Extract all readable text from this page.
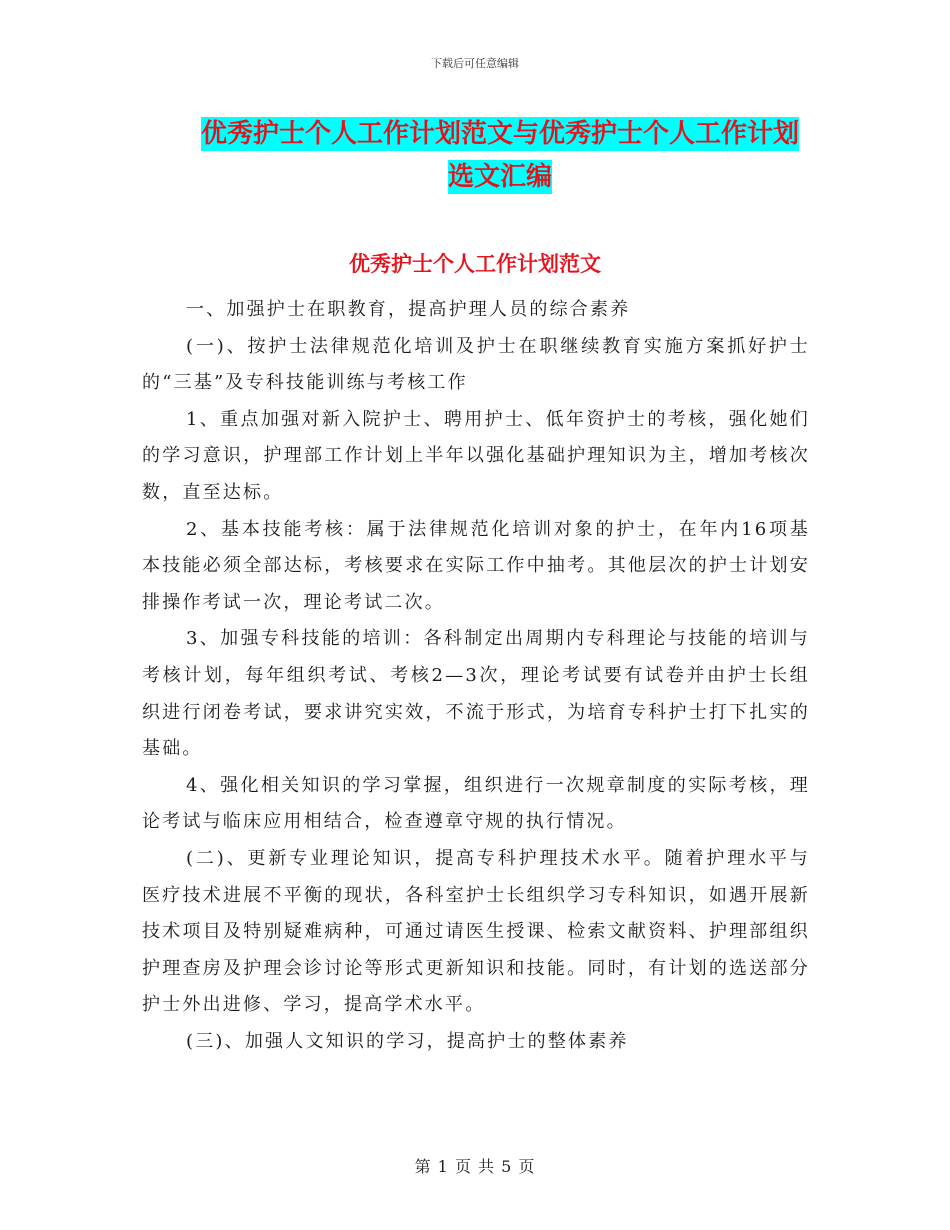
下载后可任意编辑
优秀护士个人工作计划范文与优秀护士个人工作计划
选文汇编
优秀护士个人工作计划范文

一、加强护士在职教育，提高护理人员的综合素养

(一)、按护士法律规范化培训及护士在职继续教育实施方案抓好护士的“三基”及专科技能训练与考核工作

1、重点加强对新入院护士、聘用护士、低年资护士的考核，强化她们的学习意识，护理部工作计划上半年以强化基础护理知识为主，增加考核次数，直至达标。

2、基本技能考核：属于法律规范化培训对象的护士，在年内16项基本技能必须全部达标，考核要求在实际工作中抽考。其他层次的护士计划安排操作考试一次，理论考试二次。

3、加强专科技能的培训：各科制定出周期内专科理论与技能的培训与考核计划，每年组织考试、考核2—3次，理论考试要有试卷并由护士长组织进行闭卷考试，要求讲究实效，不流于形式，为培育专科护士打下扎实的基础。

4、强化相关知识的学习掌握，组织进行一次规章制度的实际考核，理论考试与临床应用相结合，检查遵章守规的执行情况。

(二)、更新专业理论知识，提高专科护理技术水平。随着护理水平与医疗技术进展不平衡的现状，各科室护士长组织学习专科知识，如遇开展新技术项目及特别疑难病种，可通过请医生授课、检索文献资料、护理部组织护理查房及护理会诊讨论等形式更新知识和技能。同时，有计划的选送部分护士外出进修、学习，提高学术水平。

(三)、加强人文知识的学习，提高护士的整体素养

第 1 页 共 5 页
